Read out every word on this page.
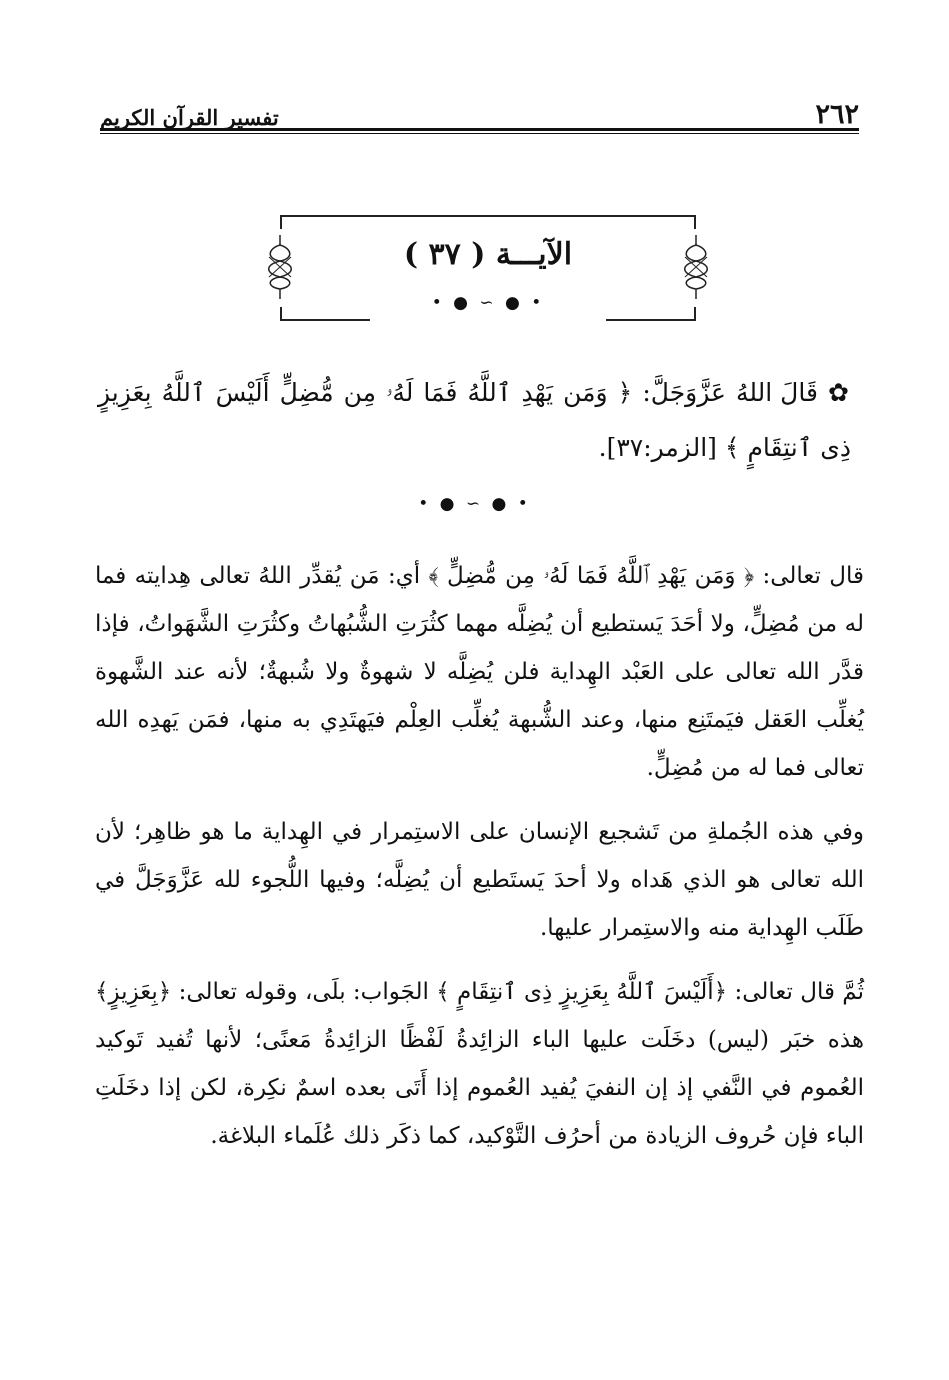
٢٦٢
تفسير القرآن الكريم
الآيـــة ( ٣٧ )
• ● ∽ ● •
✿ قَالَ اللهُ عَزَّوَجَلَّ: ﴿ وَمَن يَهْدِ ٱللَّهُ فَمَا لَهُۥ مِن مُّضِلٍّ أَلَيْسَ ٱللَّهُ بِعَزِيزٍ ذِى ٱنتِقَامٍ ﴾ [الزمر:٣٧].
• ● ∽ ● •

قال تعالى: ﴿ وَمَن يَهْدِ ٱللَّهُ فَمَا لَهُۥ مِن مُّضِلٍّ ﴾ أي: مَن يُقدِّر اللهُ تعالى هِدايته فما له من مُضِلٍّ، ولا أحَدَ يَستطيع أن يُضِلَّه مهما كثُرَتِ الشُّبُهاتُ وكثُرَتِ الشَّهَواتُ، فإذا قدَّر الله تعالى على العَبْد الهِداية فلن يُضِلَّه لا شهوةٌ ولا شُبهةٌ؛ لأنه عند الشَّهوة يُغلِّب العَقل فيَمتَنِع منها، وعند الشُّبهة يُغلِّب العِلْم فيَهتَدِي به منها، فمَن يَهدِه الله تعالى فما له من مُضِلٍّ.

وفي هذه الجُملةِ من تَشجيع الإنسان على الاستِمرار في الهِداية ما هو ظاهِر؛ لأن الله تعالى هو الذي هَداه ولا أحدَ يَستَطيع أن يُضِلَّه؛ وفيها اللُّجوء لله عَزَّوَجَلَّ في طَلَب الهِداية منه والاستِمرار عليها.

ثُمَّ قال تعالى: ﴿أَلَيْسَ ٱللَّهُ بِعَزِيزٍ ذِى ٱنتِقَامٍ ﴾ الجَواب: بلَى، وقوله تعالى: ﴿بِعَزِيزٍ﴾ هذه خبَر (ليس) دخَلَت عليها الباء الزائِدةُ لَفْظًا الزائِدةُ مَعنًى؛ لأنها تُفيد تَوكيد العُموم في النَّفي إذ إن النفيَ يُفيد العُموم إذا أَتَى بعده اسمٌ نكِرة، لكن إذا دخَلَتِ الباء فإن حُروف الزيادة من أحرُف التَّوْكيد، كما ذكَر ذلك عُلَماء البلاغة.
